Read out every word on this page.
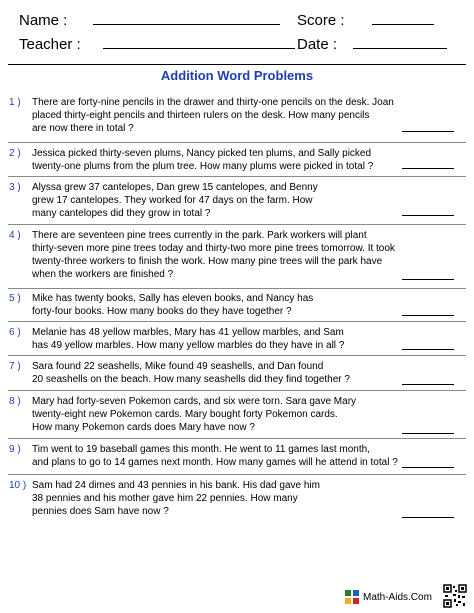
Name :	Score :
Teacher :	Date :
Addition Word Problems
1 ) There are forty-nine pencils in the drawer and thirty-one pencils on the desk. Joan
placed thirty-eight pencils and thirteen rulers on the desk. How many pencils
are now there in total ?
2 ) Jessica picked thirty-seven plums, Nancy picked ten plums, and Sally picked
twenty-one plums from the plum tree. How many plums were picked in total ?
3 ) Alyssa grew 37 cantelopes, Dan grew 15 cantelopes, and Benny
grew 17 cantelopes. They worked for 47 days on the farm. How
many cantelopes did they grow in total ?
4 ) There are seventeen pine trees currently in the park. Park workers will plant
thirty-seven more pine trees today and thirty-two more pine trees tomorrow. It took
twenty-three workers to finish the work. How many pine trees will the park have
when the workers are finished ?
5 ) Mike has twenty books, Sally has eleven books, and Nancy has
forty-four books. How many books do they have together ?
6 ) Melanie has 48 yellow marbles, Mary has 41 yellow marbles, and Sam
has 49 yellow marbles. How many yellow marbles do they have in all ?
7 ) Sara found 22 seashells, Mike found 49 seashells, and Dan found
20 seashells on the beach. How many seashells did they find together ?
8 ) Mary had forty-seven Pokemon cards, and six were torn. Sara gave Mary
twenty-eight new Pokemon cards. Mary bought forty Pokemon cards.
How many Pokemon cards does Mary have now ?
9 ) Tim went to 19 baseball games this month. He went to 11 games last month,
and plans to go to 14 games next month. How many games will he attend in total ?
10 ) Sam had 24 dimes and 43 pennies in his bank. His dad gave him
38 pennies and his mother gave him 22 pennies. How many
pennies does Sam have now ?
Math-Aids.Com
